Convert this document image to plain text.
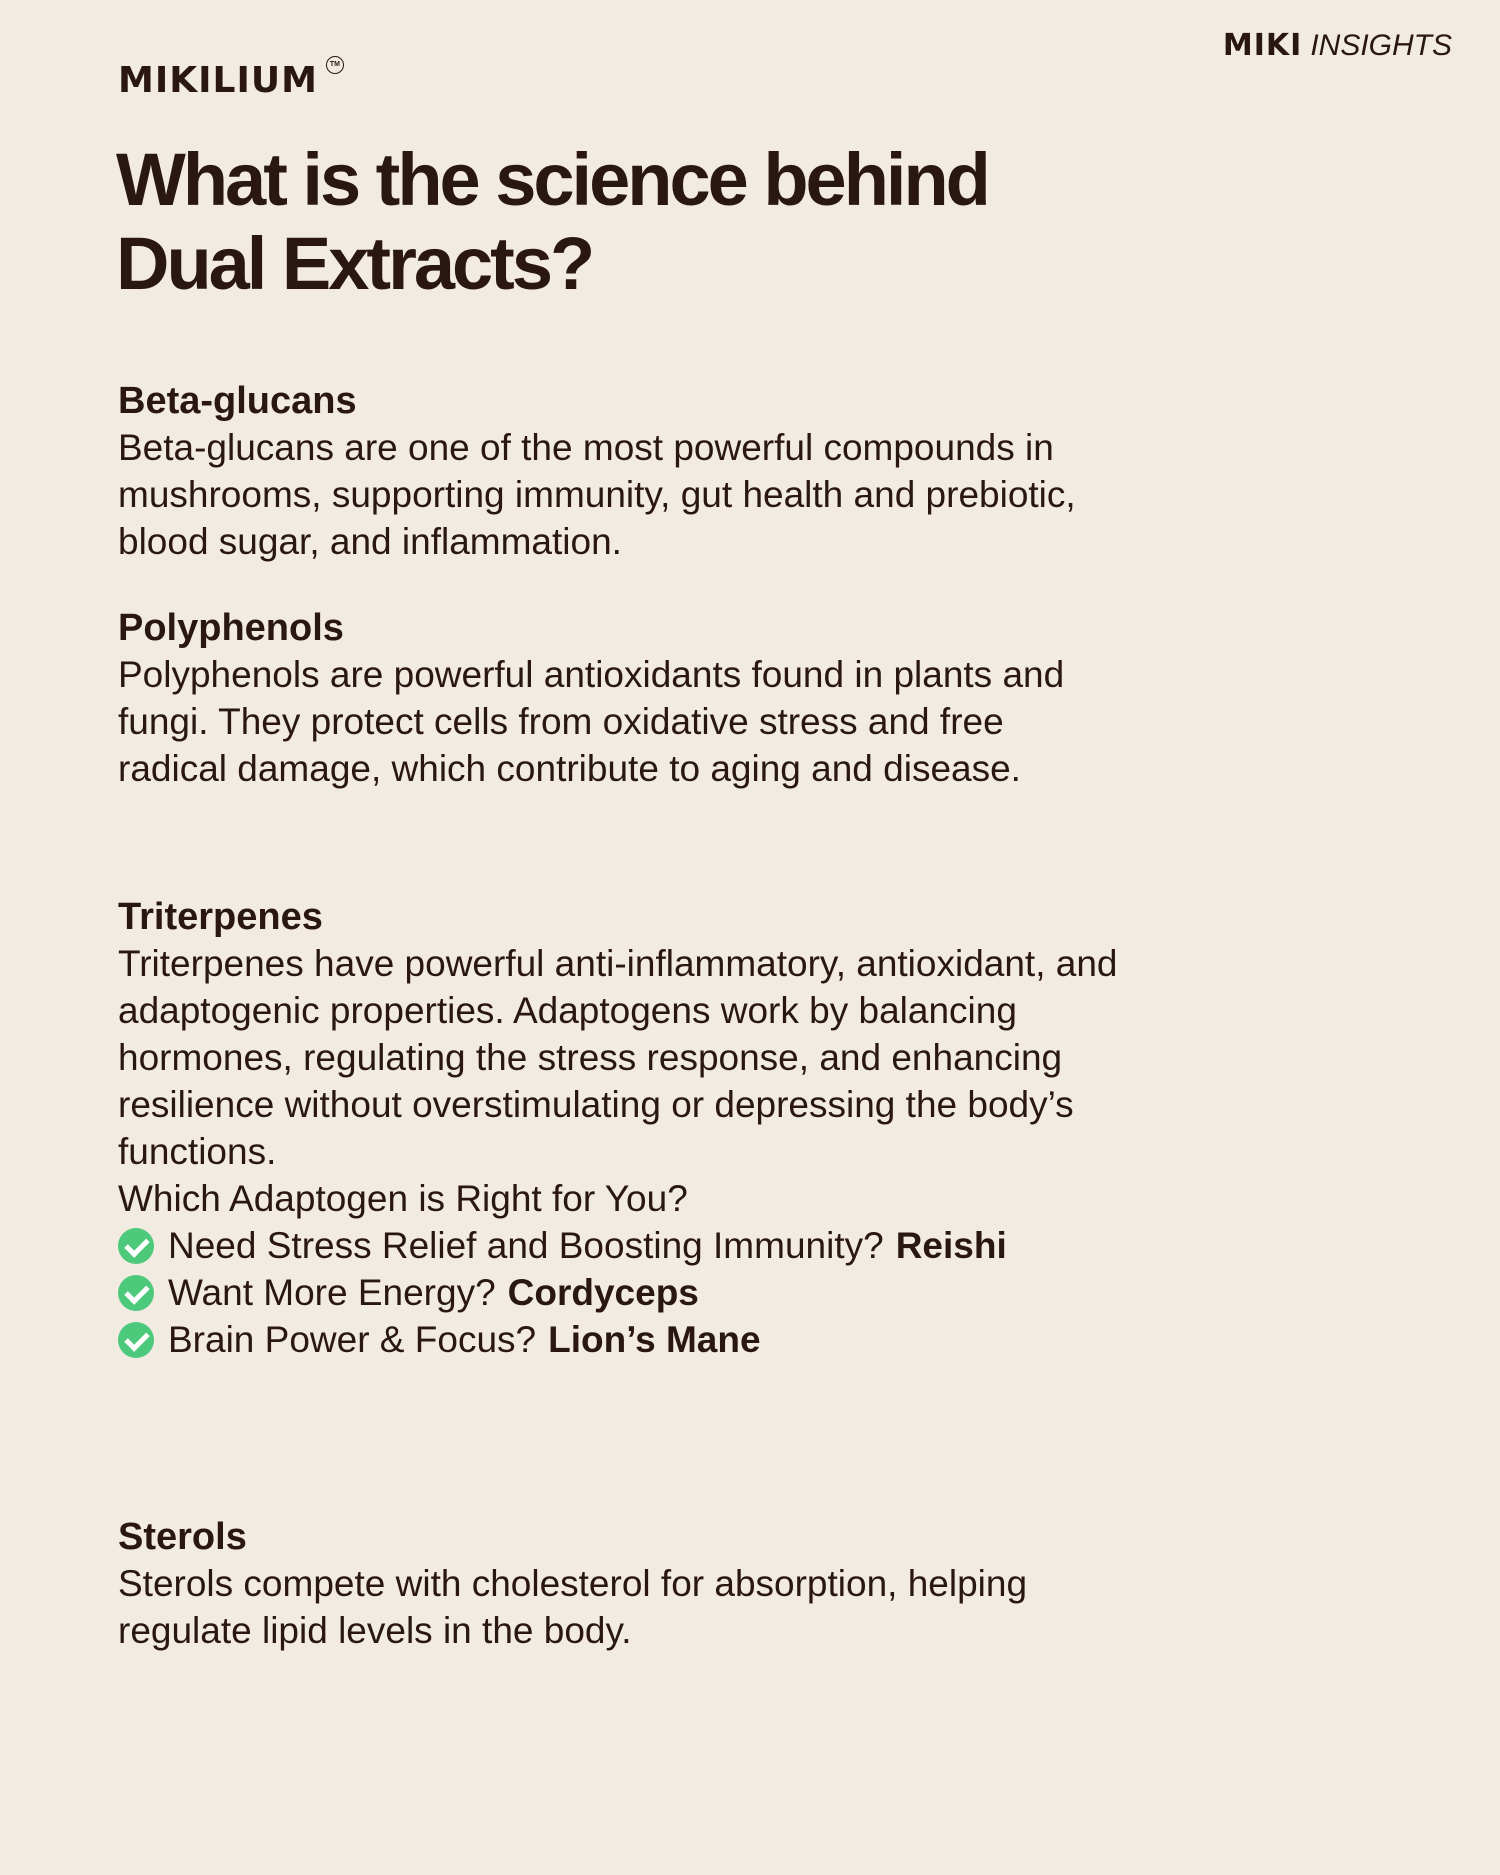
MIKILIUM	TM
MIKI INSIGHTS
What is the science behind Dual Extracts?
Beta-glucans

Beta-glucans are one of the most powerful compounds in mushrooms, supporting immunity, gut health and prebiotic, blood sugar, and inflammation.

Polyphenols

Polyphenols are powerful antioxidants found in plants and fungi. They protect cells from oxidative stress and free radical damage, which contribute to aging and disease.

Triterpenes

Triterpenes have powerful anti-inflammatory, antioxidant, and adaptogenic properties. Adaptogens work by balancing hormones, regulating the stress response, and enhancing resilience without overstimulating or depressing the body’s functions.

Which Adaptogen is Right for You?

Need Stress Relief and Boosting Immunity? Reishi
Want More Energy? Cordyceps
Brain Power & Focus? Lion’s Mane
Sterols

Sterols compete with cholesterol for absorption, helping regulate lipid levels in the body.
